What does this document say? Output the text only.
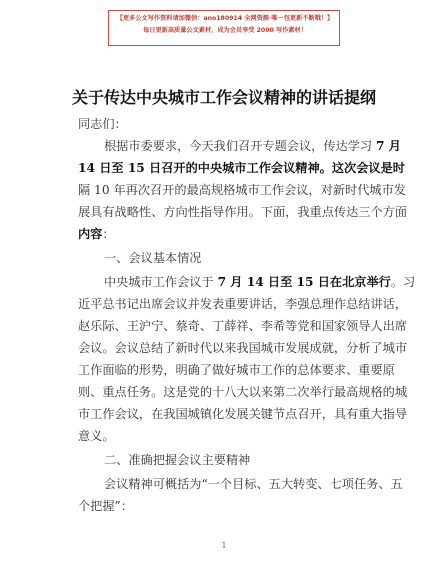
【更多公文写作资料请加微信：ano180914 全网资源·唯一包更新不断哦！】
每日更新高质量公文素材，成为会员享受 2000 写作素材！
关于传达中央城市工作会议精神的讲话提纲
同志们：
根据市委要求，今天我们召开专题会议，传达学习 7 月
14 日至 15 日召开的中央城市工作会议精神。这次会议是时
隔 10 年再次召开的最高规格城市工作会议，对新时代城市发
展具有战略性、方向性指导作用。下面，我重点传达三个方面
内容：
一、会议基本情况
中央城市工作会议于 7 月 14 日至 15 日在北京举行。习
近平总书记出席会议并发表重要讲话，李强总理作总结讲话，
赵乐际、王沪宁、蔡奇、丁薛祥、李希等党和国家领导人出席
会议。会议总结了新时代以来我国城市发展成就，分析了城市
工作面临的形势，明确了做好城市工作的总体要求、重要原
则、重点任务。这是党的十八大以来第二次举行最高规格的城
市工作会议，在我国城镇化发展关键节点召开，具有重大指导
意义。
二、准确把握会议主要精神
会议精神可概括为“一个目标、五大转变、七项任务、五
个把握”：
1
